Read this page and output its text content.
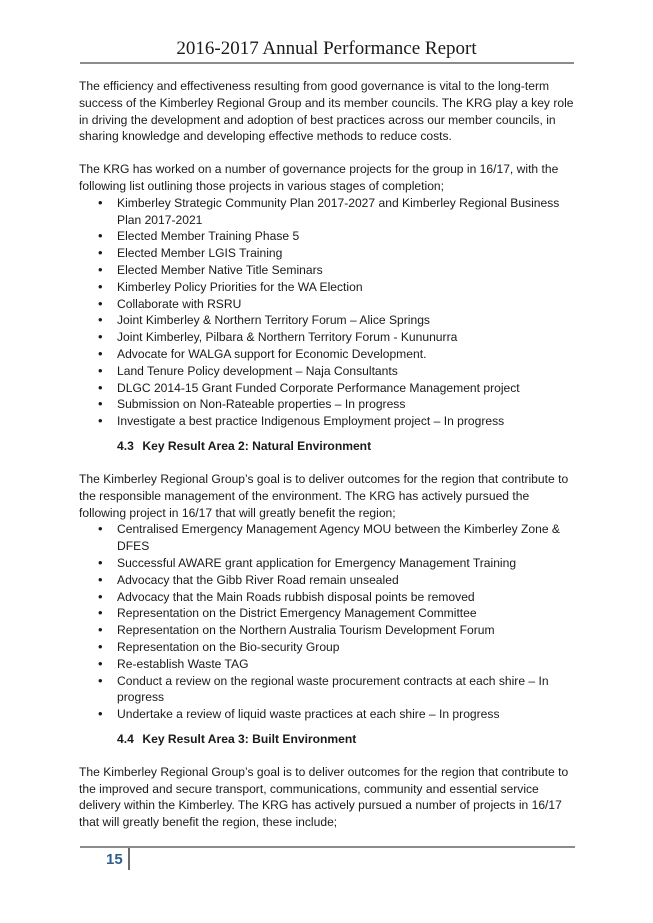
2016-2017 Annual Performance Report

The efficiency and effectiveness resulting from good governance is vital to the long-term success of the Kimberley Regional Group and its member councils. The KRG play a key role in driving the development and adoption of best practices across our member councils, in sharing knowledge and developing effective methods to reduce costs.

The KRG has worked on a number of governance projects for the group in 16/17, with the following list outlining those projects in various stages of completion;

• Kimberley Strategic Community Plan 2017-2027 and Kimberley Regional Business Plan 2017-2021
• Elected Member Training Phase 5
• Elected Member LGIS Training
• Elected Member Native Title Seminars
• Kimberley Policy Priorities for the WA Election
• Collaborate with RSRU
• Joint Kimberley & Northern Territory Forum – Alice Springs
• Joint Kimberley, Pilbara & Northern Territory Forum - Kununurra
• Advocate for WALGA support for Economic Development.
• Land Tenure Policy development – Naja Consultants
• DLGC 2014-15 Grant Funded Corporate Performance Management project
• Submission on Non-Rateable properties – In progress
• Investigate a best practice Indigenous Employment project – In progress
4.3 Key Result Area 2: Natural Environment

The Kimberley Regional Group’s goal is to deliver outcomes for the region that contribute to the responsible management of the environment. The KRG has actively pursued the following project in 16/17 that will greatly benefit the region;

• Centralised Emergency Management Agency MOU between the Kimberley Zone & DFES
• Successful AWARE grant application for Emergency Management Training
• Advocacy that the Gibb River Road remain unsealed
• Advocacy that the Main Roads rubbish disposal points be removed
• Representation on the District Emergency Management Committee
• Representation on the Northern Australia Tourism Development Forum
• Representation on the Bio-security Group
• Re-establish Waste TAG
• Conduct a review on the regional waste procurement contracts at each shire – In progress
• Undertake a review of liquid waste practices at each shire – In progress
4.4 Key Result Area 3: Built Environment

The Kimberley Regional Group’s goal is to deliver outcomes for the region that contribute to the improved and secure transport, communications, community and essential service delivery within the Kimberley. The KRG has actively pursued a number of projects in 16/17 that will greatly benefit the region, these include;

15
